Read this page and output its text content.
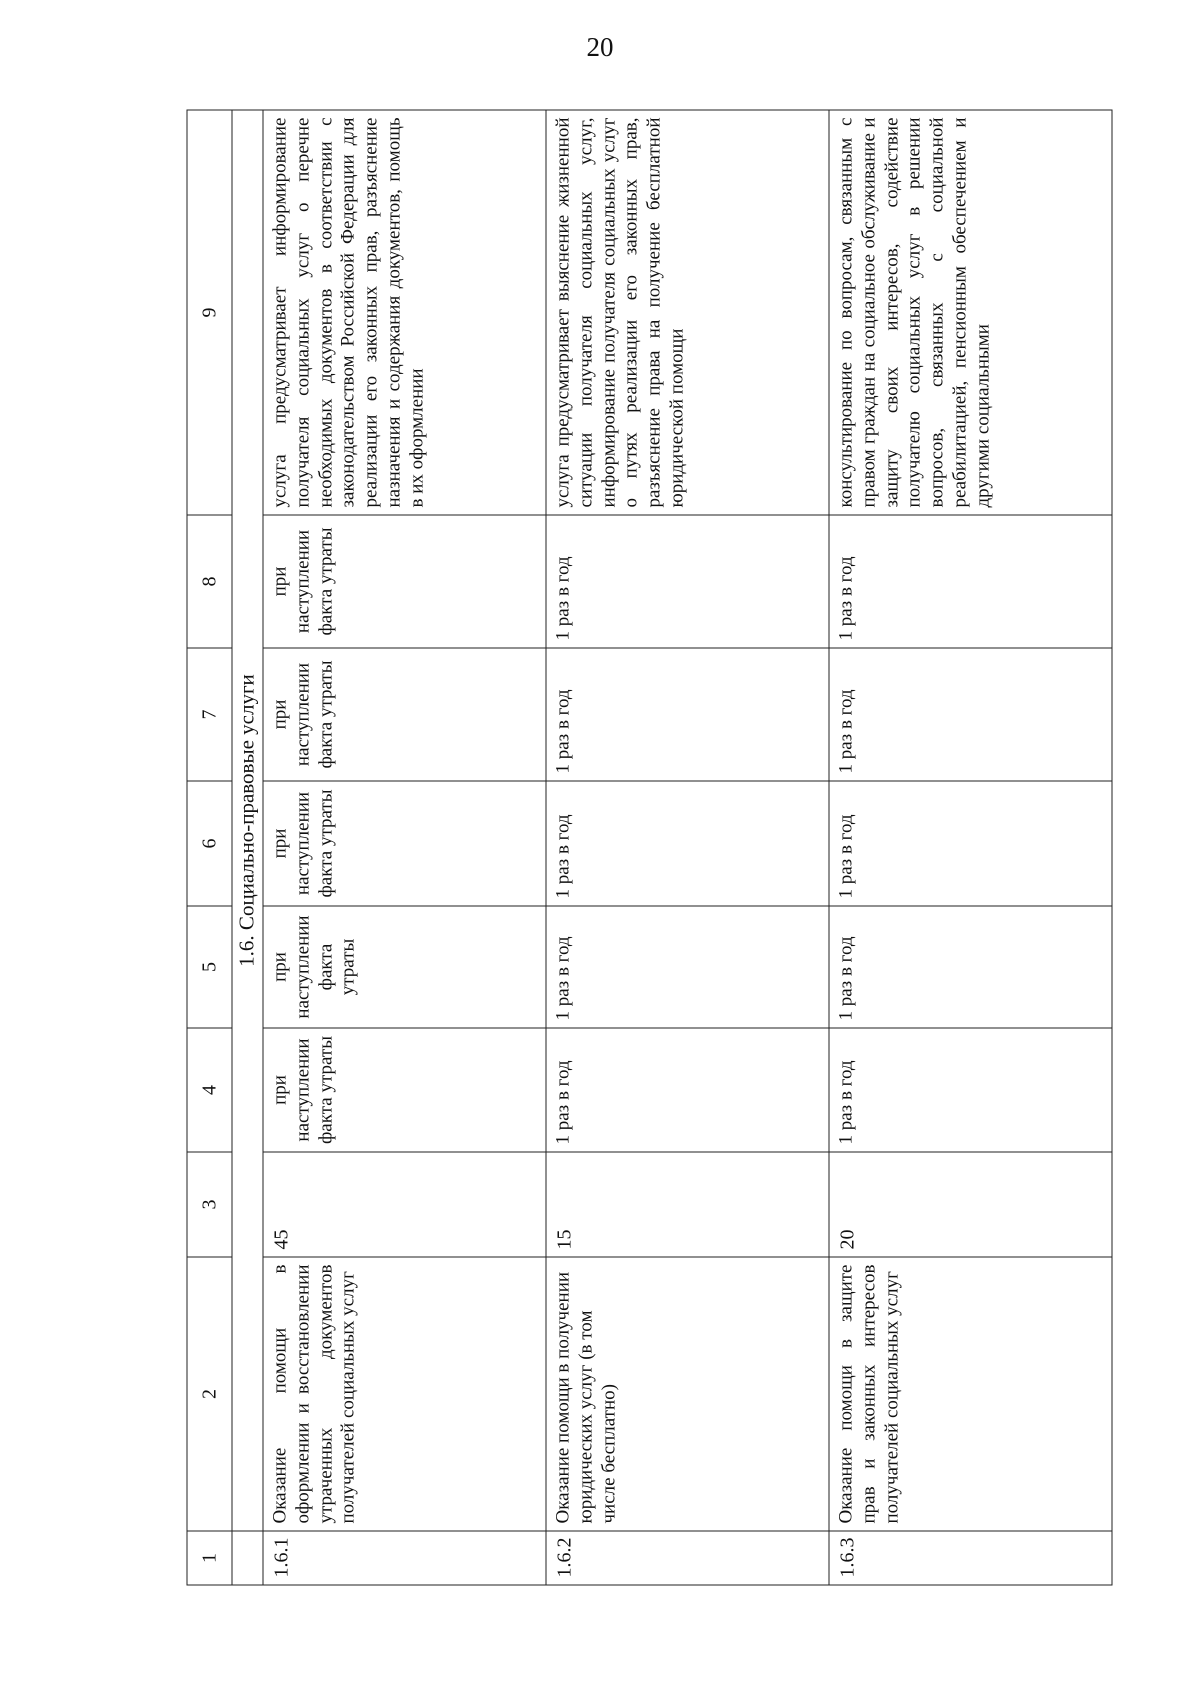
20
1	2	3	4	5	6	7	8	9
	1.6. Социально-правовые услуги							
1.6.1	Оказание помощи в оформлении и восстановлении утраченных документов получателей социальных услуг	45	при наступлении факта утраты	при наступлении факта утраты	при наступлении факта утраты	при наступлении факта утраты	при наступлении факта утраты	услуга предусматривает информирование получателя социальных услуг о перечне необходимых документов в соответствии с законодательством Российской Федерации для реализации его законных прав, разъяснение назначения и содержания документов, помощь в их оформлении
1.6.2	Оказание помощи в получении юридических услуг (в том числе бесплатно)	15	1 раз в год	1 раз в год	1 раз в год	1 раз в год	1 раз в год	услуга предусматривает выяснение жизненной ситуации получателя социальных услуг, информирование получателя социальных услуг о путях реализации его законных прав, разъяснение права на получение бесплатной юридической помощи
1.6.3	Оказание помощи в защите прав и законных интересов получателей социальных услуг	20	1 раз в год	1 раз в год	1 раз в год	1 раз в год	1 раз в год	консультирование по вопросам, связанным с правом граждан на социальное обслуживание и защиту своих интересов, содействие получателю социальных услуг в решении вопросов, связанных с социальной реабилитацией, пенсионным обеспечением и другими социальными
